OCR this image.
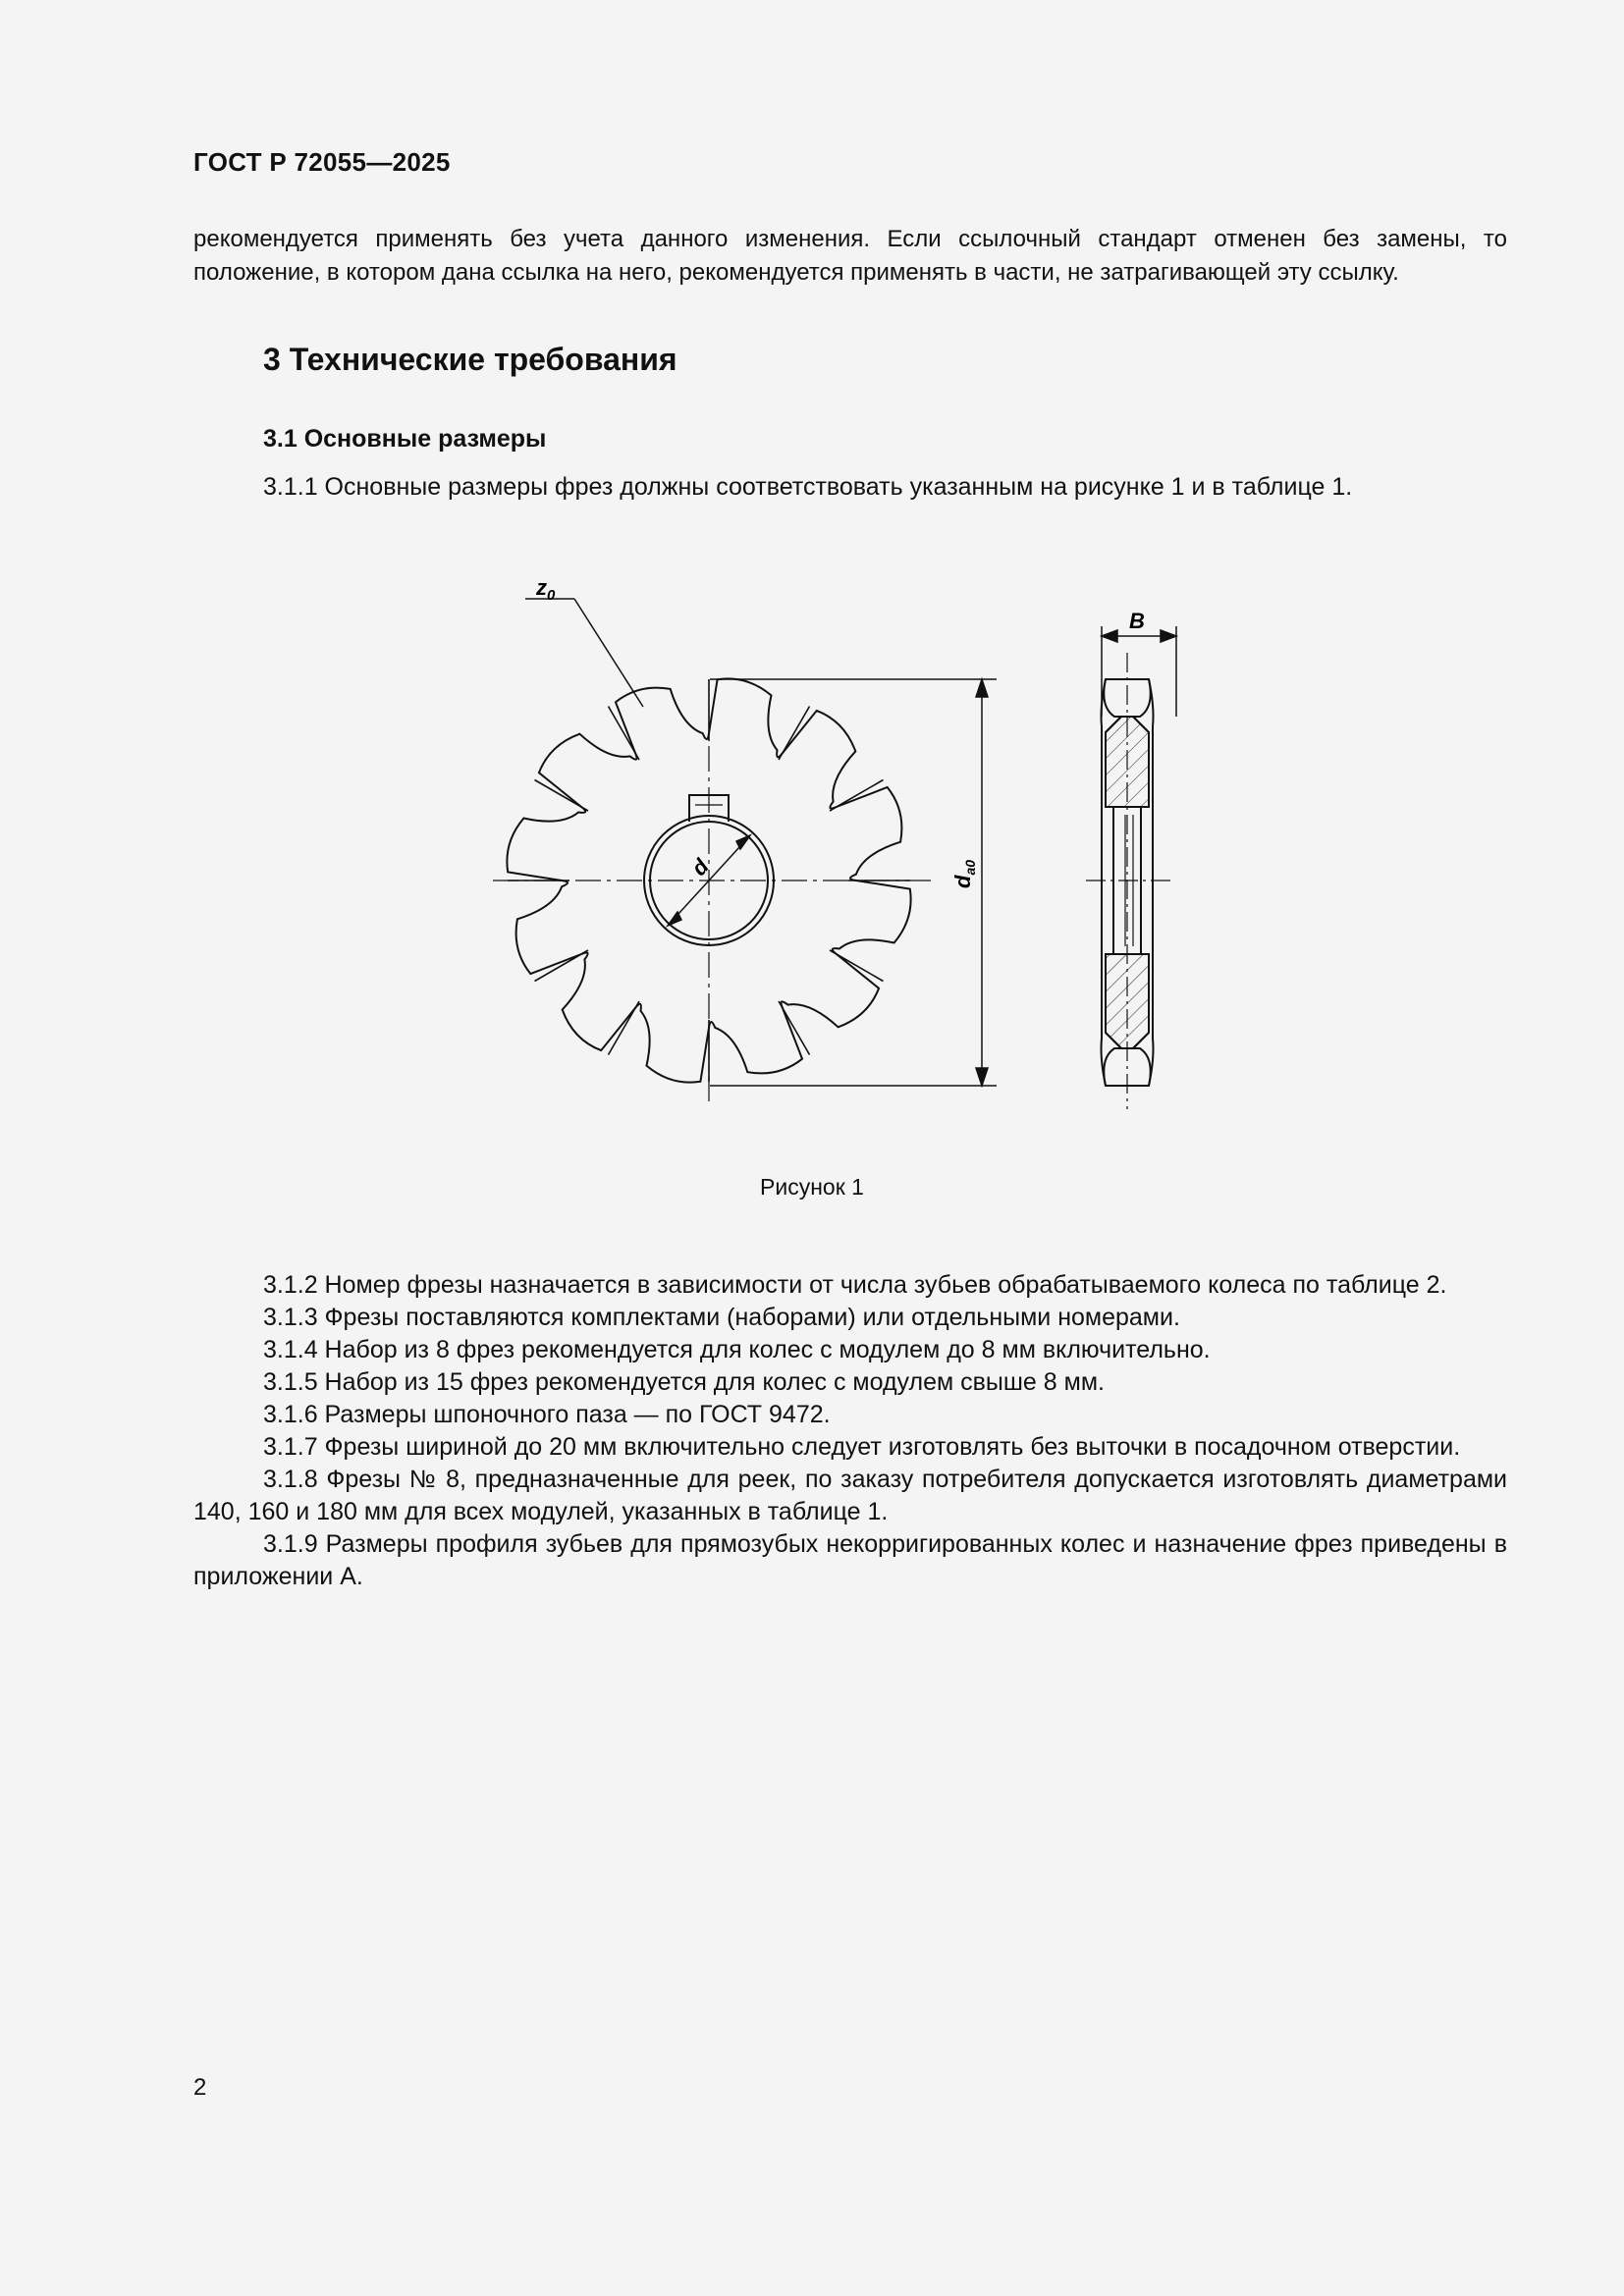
ГОСТ Р 72055—2025
рекомендуется применять без учета данного изменения. Если ссылочный стандарт отменен без замены, то положение, в котором дана ссылка на него, рекомендуется применять в части, не затрагивающей эту ссылку.
3 Технические требования
3.1 Основные размеры
3.1.1 Основные размеры фрез должны соответствовать указанным на рисунке 1 и в таблице 1.
d
$z_0$
$d_{a0}$
B
Рисунок 1

3.1.2 Номер фрезы назначается в зависимости от числа зубьев обрабатываемого колеса по таблице 2.

3.1.3 Фрезы поставляются комплектами (наборами) или отдельными номерами.

3.1.4 Набор из 8 фрез рекомендуется для колес с модулем до 8 мм включительно.

3.1.5 Набор из 15 фрез рекомендуется для колес с модулем свыше 8 мм.

3.1.6 Размеры шпоночного паза — по ГОСТ 9472.

3.1.7 Фрезы шириной до 20 мм включительно следует изготовлять без выточки в посадочном отверстии.

3.1.8 Фрезы № 8, предназначенные для реек, по заказу потребителя допускается изготовлять диаметрами 140, 160 и 180 мм для всех модулей, указанных в таблице 1.

3.1.9 Размеры профиля зубьев для прямозубых некорригированных колес и назначение фрез приведены в приложении А.

2
